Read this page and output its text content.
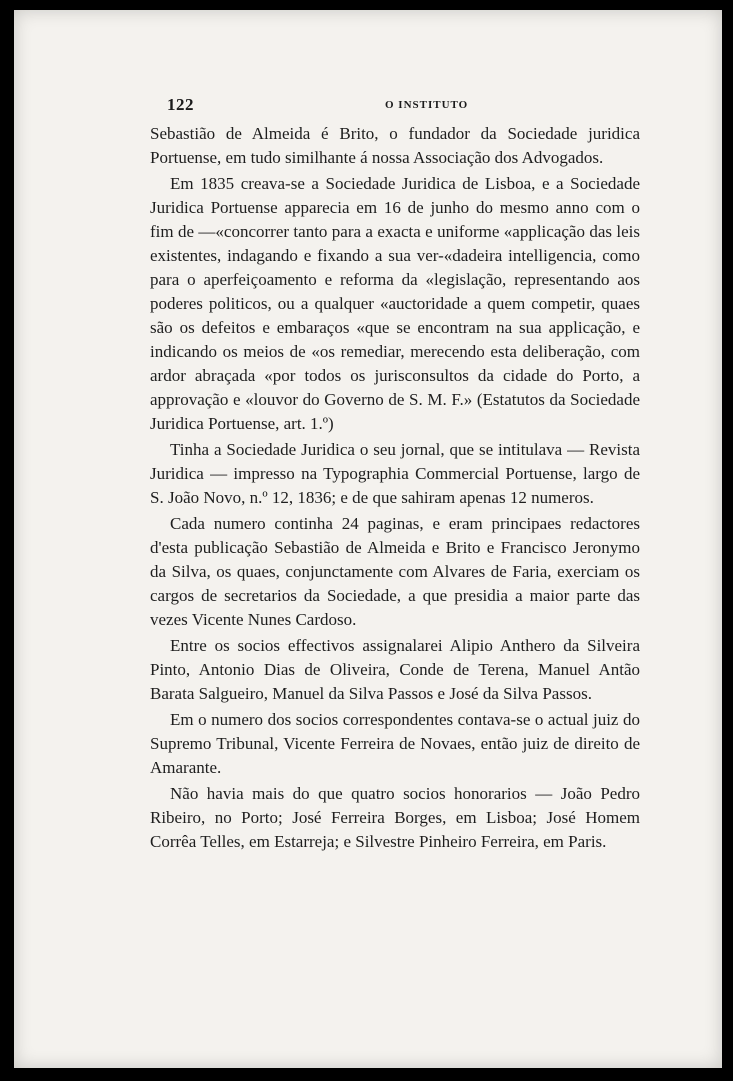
122	O INSTITUTO

Sebastião de Almeida é Brito, o fundador da Sociedade juridica Portuense, em tudo similhante á nossa Associação dos Advogados.

Em 1835 creava-se a Sociedade Juridica de Lisboa, e a Sociedade Juridica Portuense apparecia em 16 de junho do mesmo anno com o fim de —«concorrer tanto para a exacta e uniforme «applicação das leis existentes, indagando e fixando a sua ver-«dadeira intelligencia, como para o aperfeiçoamento e reforma da «legislação, representando aos poderes politicos, ou a qualquer «auctoridade a quem competir, quaes são os defeitos e embaraços «que se encontram na sua applicação, e indicando os meios de «os remediar, merecendo esta deliberação, com ardor abraçada «por todos os jurisconsultos da cidade do Porto, a approvação e «louvor do Governo de S. M. F.» (Estatutos da Sociedade Juridica Portuense, art. 1.º)

Tinha a Sociedade Juridica o seu jornal, que se intitulava — Revista Juridica — impresso na Typographia Commercial Portuense, largo de S. João Novo, n.º 12, 1836; e de que sahiram apenas 12 numeros.

Cada numero continha 24 paginas, e eram principaes redactores d'esta publicação Sebastião de Almeida e Brito e Francisco Jeronymo da Silva, os quaes, conjunctamente com Alvares de Faria, exerciam os cargos de secretarios da Sociedade, a que presidia a maior parte das vezes Vicente Nunes Cardoso.

Entre os socios effectivos assignalarei Alipio Anthero da Silveira Pinto, Antonio Dias de Oliveira, Conde de Terena, Manuel Antão Barata Salgueiro, Manuel da Silva Passos e José da Silva Passos.

Em o numero dos socios correspondentes contava-se o actual juiz do Supremo Tribunal, Vicente Ferreira de Novaes, então juiz de direito de Amarante.

Não havia mais do que quatro socios honorarios — João Pedro Ribeiro, no Porto; José Ferreira Borges, em Lisboa; José Homem Corrêa Telles, em Estarreja; e Silvestre Pinheiro Ferreira, em Paris.
